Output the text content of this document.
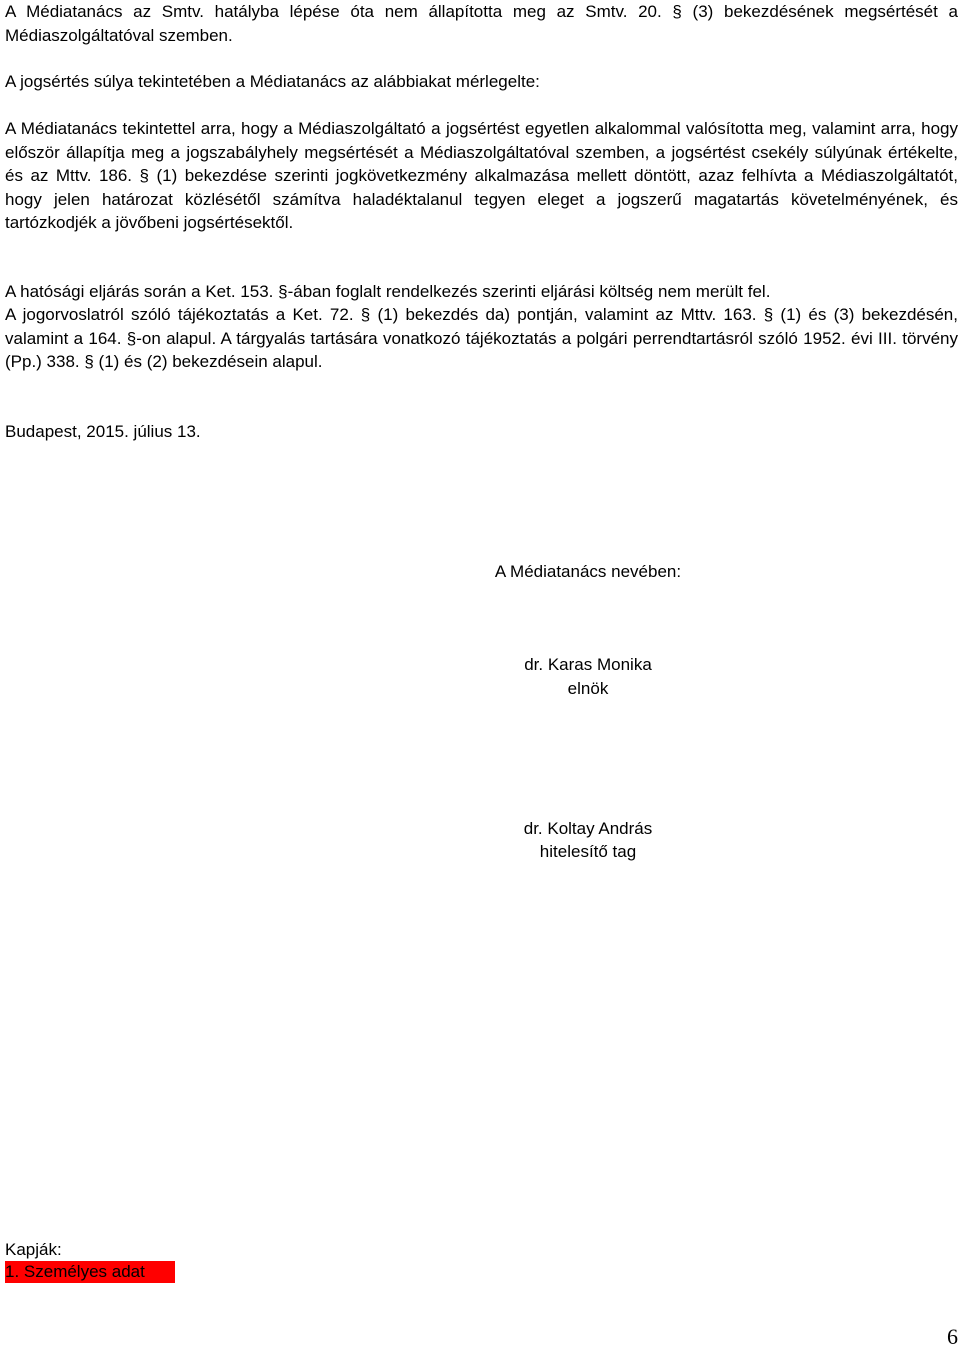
A Médiatanács az Smtv. hatályba lépése óta nem állapította meg az Smtv. 20. § (3) bekezdésének megsértését a Médiaszolgáltatóval szemben.

A jogsértés súlya tekintetében a Médiatanács az alábbiakat mérlegelte:

A Médiatanács tekintettel arra, hogy a Médiaszolgáltató a jogsértést egyetlen alkalommal valósította meg, valamint arra, hogy először állapítja meg a jogszabályhely megsértését a Médiaszolgáltatóval szemben, a jogsértést csekély súlyúnak értékelte, és az Mttv. 186. § (1) bekezdése szerinti jogkövetkezmény alkalmazása mellett döntött, azaz felhívta a Médiaszolgáltatót, hogy jelen határozat közlésétől számítva haladéktalanul tegyen eleget a jogszerű magatartás követelményének, és tartózkodjék a jövőbeni jogsértésektől.

A hatósági eljárás során a Ket. 153. §-ában foglalt rendelkezés szerinti eljárási költség nem merült fel.

A jogorvoslatról szóló tájékoztatás a Ket. 72. § (1) bekezdés da) pontján, valamint az Mttv. 163. § (1) és (3) bekezdésén, valamint a 164. §-on alapul. A tárgyalás tartására vonatkozó tájékoztatás a polgári perrendtartásról szóló 1952. évi III. törvény (Pp.) 338. § (1) és (2) bekezdésein alapul.

Budapest, 2015. július 13.

A Médiatanács nevében:

dr. Karas Monika

elnök

dr. Koltay András

hitelesítő tag

Kapják:

1. Személyes adat
6
